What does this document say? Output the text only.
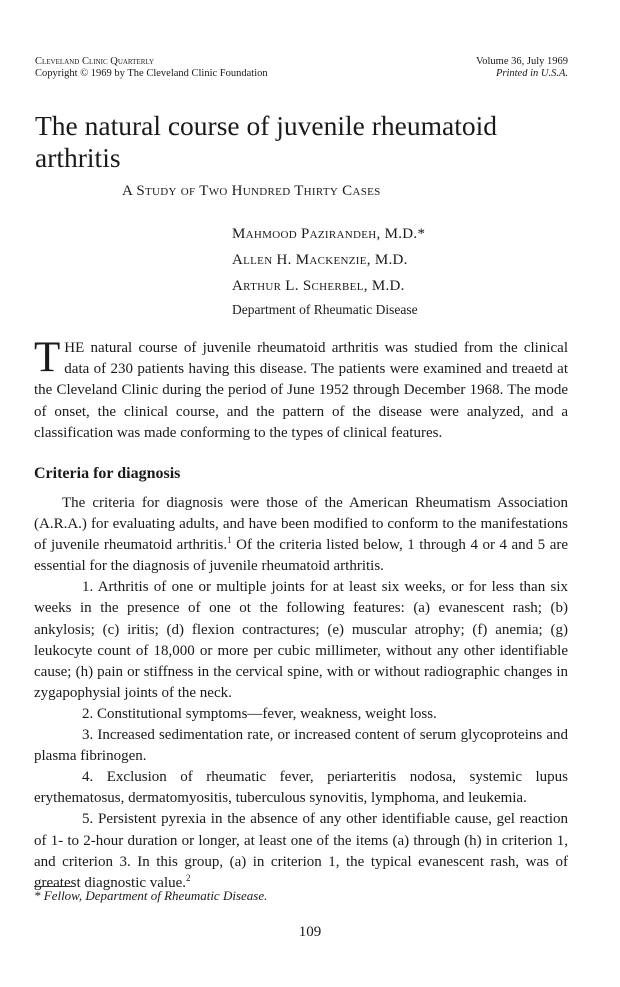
Cleveland Clinic Quarterly
Copyright © 1969 by The Cleveland Clinic Foundation
Volume 36, July 1969
Printed in U.S.A.
The natural course of juvenile rheumatoid arthritis
A Study of Two Hundred Thirty Cases
Mahmood Pazirandeh, M.D.*
Allen H. Mackenzie, M.D.
Arthur L. Scherbel, M.D.
Department of Rheumatic Disease

THE natural course of juvenile rheumatoid arthritis was studied from the clinical data of 230 patients having this disease. The patients were examined and treaetd at the Cleveland Clinic during the period of June 1952 through December 1968. The mode of onset, the clinical course, and the pattern of the disease were analyzed, and a classification was made conforming to the types of clinical features.

Criteria for diagnosis

The criteria for diagnosis were those of the American Rheumatism Association (A.R.A.) for evaluating adults, and have been modified to conform to the manifestations of juvenile rheumatoid arthritis.$^1$ Of the criteria listed below, 1 through 4 or 4 and 5 are essential for the diagnosis of juvenile rheumatoid arthritis.

1. Arthritis of one or multiple joints for at least six weeks, or for less than six weeks in the presence of one ot the following features: (a) evanescent rash; (b) ankylosis; (c) iritis; (d) flexion contractures; (e) muscular atrophy; (f) anemia; (g) leukocyte count of 18,000 or more per cubic millimeter, without any other identifiable cause; (h) pain or stiffness in the cervical spine, with or without radiographic changes in zygapophysial joints of the neck.

2. Constitutional symptoms—fever, weakness, weight loss.

3. Increased sedimentation rate, or increased content of serum glycoproteins and plasma fibrinogen.

4. Exclusion of rheumatic fever, periarteritis nodosa, systemic lupus erythematosus, dermatomyositis, tuberculous synovitis, lymphoma, and leukemia.

5. Persistent pyrexia in the absence of any other identifiable cause, gel reaction of 1- to 2-hour duration or longer, at least one of the items (a) through (h) in criterion 1, and criterion 3. In this group, (a) in criterion 1, the typical evanescent rash, was of greatest diagnostic value.$^2$

* Fellow, Department of Rheumatic Disease.
109
